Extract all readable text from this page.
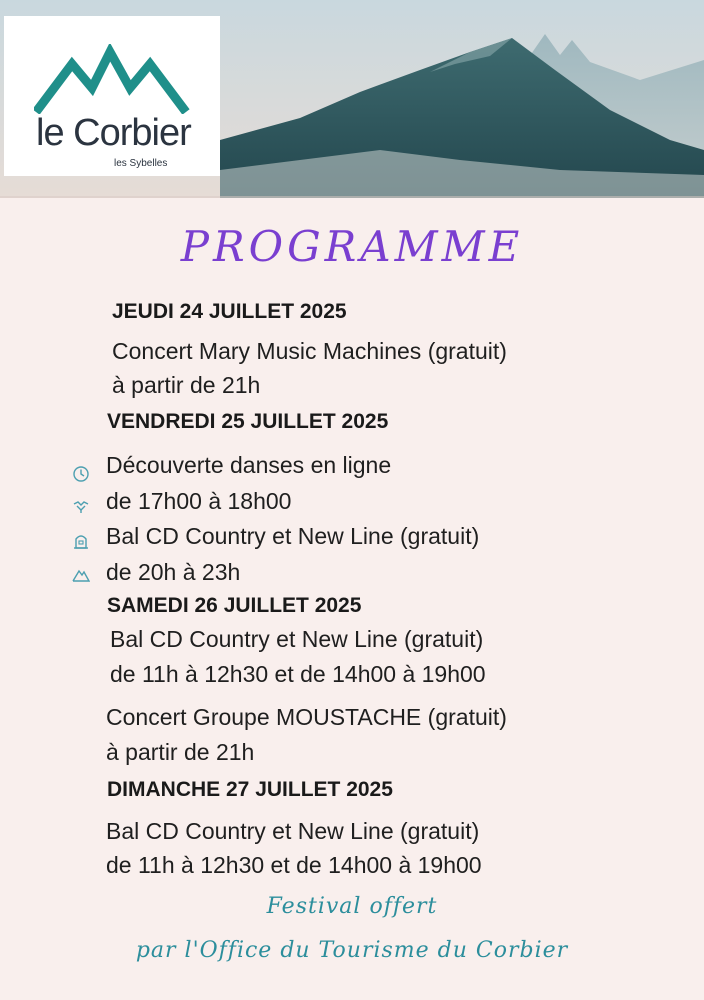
le Corbier
les Sybelles
PROGRAMME
JEUDI 24 JUILLET 2025
Concert Mary Music Machines (gratuit)
à partir de 21h
VENDREDI 25 JUILLET 2025
Découverte danses en ligne
de 17h00 à 18h00
Bal CD Country et New Line (gratuit)
de 20h à 23h
SAMEDI 26 JUILLET 2025
Bal CD Country et New Line (gratuit)
de 11h à 12h30 et de 14h00 à 19h00
Concert Groupe MOUSTACHE (gratuit)
à partir de 21h
DIMANCHE 27 JUILLET 2025
Bal CD Country et New Line (gratuit)
de 11h à 12h30 et de 14h00 à 19h00
Festival offert
par l'Office du Tourisme du Corbier
